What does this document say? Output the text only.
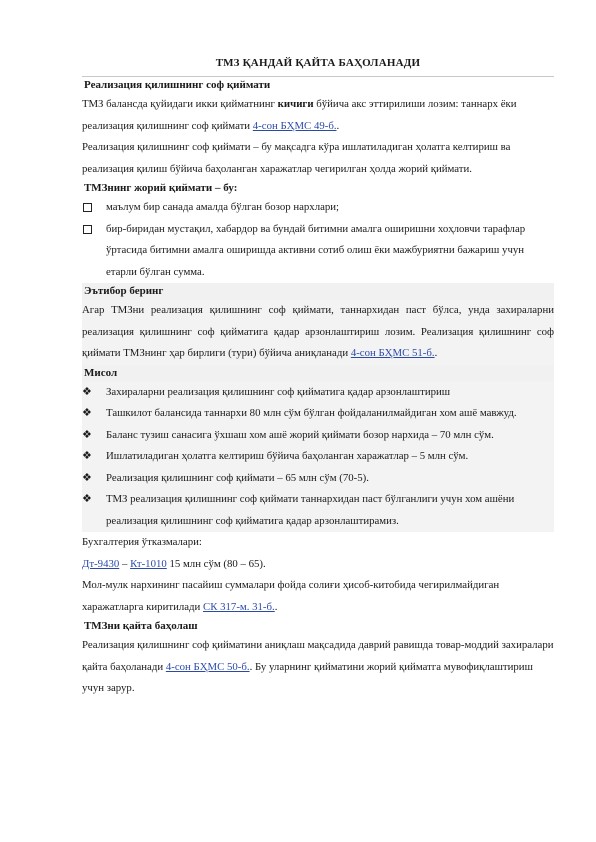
ТМЗ ҚАНДАЙ ҚАЙТА БАҲОЛАНАДИ
Реализация қилишнинг соф қиймати

ТМЗ балансда қуйидаги икки қийматнинг кичиги бўйича акс эттирилиши лозим: таннарх ёки реализация қилишнинг соф қиймати 4-сон БҲМС 49-б..

Реализация қилишнинг соф қиймати – бу мақсадга кўра ишлатиладиган ҳолатга келтириш ва реализация қилиш бўйича баҳоланган харажатлар чегирилган ҳолда жорий қиймати.

ТМЗнинг жорий қиймати – бу:
маълум бир санада амалда бўлган бозор нархлари;
бир-биридан мустақил, хабардор ва бундай битимни амалга оширишни хоҳловчи тарафлар ўртасида битимни амалга оширишда активни сотиб олиш ёки мажбуриятни бажариш учун етарли бўлган сумма.
Эътибор беринг

Агар ТМЗни реализация қилишнинг соф қиймати, таннархидан паст бўлса, унда захираларни реализация қилишнинг соф қийматига қадар арзонлаштириш лозим. Реализация қилишнинг соф қиймати ТМЗнинг ҳар бирлиги (тури) бўйича аниқланади 4-сон БҲМС 51-б..

Мисол
❖ Захираларни реализация қилишнинг соф қийматига қадар арзонлаштириш
❖ Ташкилот балансида таннархи 80 млн сўм бўлган фойдаланилмайдиган хом ашё мавжуд.
❖ Баланс тузиш санасига ўхшаш хом ашё жорий қиймати бозор нархида – 70 млн сўм.
❖ Ишлатиладиган ҳолатга келтириш бўйича баҳоланган харажатлар – 5 млн сўм.
❖ Реализация қилишнинг соф қиймати – 65 млн сўм (70-5).
❖ ТМЗ реализация қилишнинг соф қиймати таннархидан паст бўлганлиги учун хом ашёни реализация қилишнинг соф қийматига қадар арзонлаштирамиз.

Бухгалтерия ўтказмалари:

Дт-9430 – Кт-1010 15 млн сўм (80 – 65).

Мол-мулк нархининг пасайиш суммалари фойда солиғи ҳисоб-китобида чегирилмайдиган харажатларга киритилади СК 317-м. 31-б..

ТМЗни қайта баҳолаш

Реализация қилишнинг соф қийматини аниқлаш мақсадида даврий равишда товар-моддий захиралари қайта баҳоланади 4-сон БҲМС 50-б.. Бу уларнинг қийматини жорий қийматга мувофиқлаштириш учун зарур.
